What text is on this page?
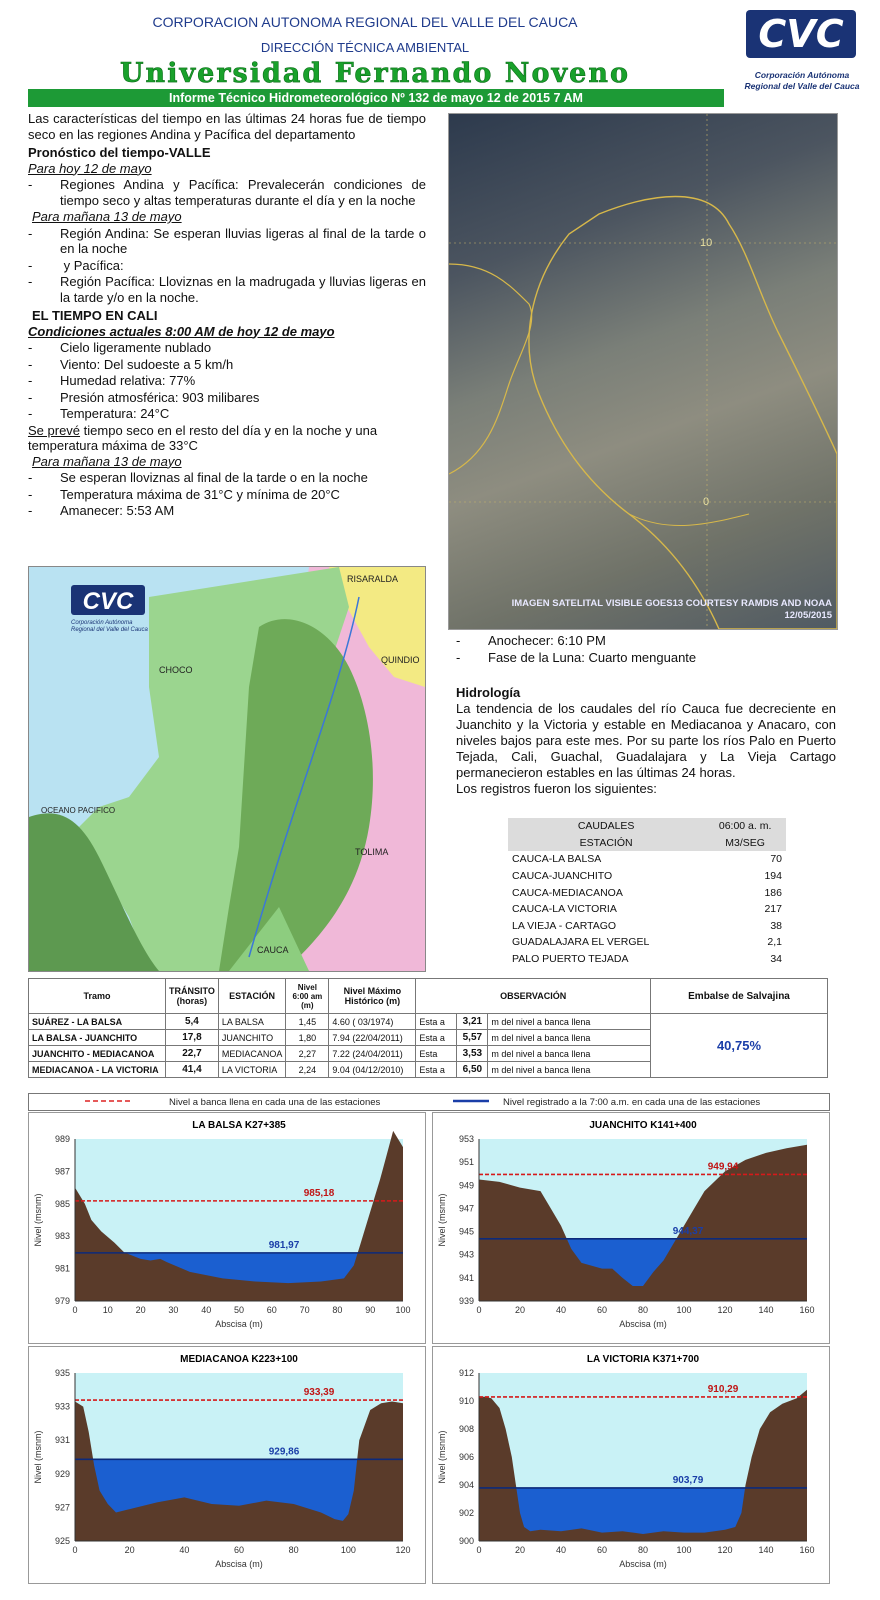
CORPORACION AUTONOMA REGIONAL DEL VALLE DEL CAUCA
DIRECCIÓN TÉCNICA AMBIENTAL
Universidad Fernando Noveno
Informe Técnico Hidrometeorológico Nº 132 de mayo 12 de 2015 7 AM
CVC
Corporación Autónoma
Regional del Valle del Cauca

Las características del tiempo en las últimas 24 horas fue de tiempo seco en las regiones Andina y Pacífica del departamento

Pronóstico del tiempo-VALLE

Para hoy 12 de mayo

-	Regiones Andina y Pacífica: Prevalecerán condiciones de tiempo seco y altas temperaturas durante el día y en la noche

Para mañana 13 de mayo

-	Región Andina: Se esperan lluvias ligeras al final de la tarde o en la noche
-	y Pacífica:
-	Región Pacífica: Lloviznas en la madrugada y lluvias ligeras en la tarde y/o en la noche.

EL TIEMPO EN CALI

Condiciones actuales 8:00 AM de hoy 12 de mayo

-	Cielo ligeramente nublado
-	Viento: Del sudoeste a 5 km/h
-	Humedad relativa: 77%
-	Presión atmosférica: 903 milibares
-	Temperatura: 24°C

Se prevé tiempo seco en el resto del día y en la noche y una temperatura máxima de 33°C

Para mañana 13 de mayo

-	Se esperan lloviznas al final de la tarde o en la noche
-	Temperatura máxima de 31°C y mínima de 20°C
-	Amanecer: 5:53 AM
10
0
IMAGEN SATELITAL VISIBLE GOES13 COURTESY RAMDIS AND NOAA
12/05/2015
RISARALDA
CHOCO
QUINDIO
OCEANO PACIFICO
TOLIMA
CAUCA
CVC
Corporación Autónoma
Regional del Valle del Cauca
-	Anochecer: 6:10 PM
-	Fase de la Luna: Cuarto menguante

Hidrología

La tendencia de los caudales del río Cauca fue decreciente en Juanchito y la Victoria y estable en Mediacanoa y Anacaro, con niveles bajos para este mes. Por su parte los ríos Palo en Puerto Tejada, Cali, Guachal, Guadalajara y La Vieja Cartago permanecieron estables en las últimas 24 horas.

Los registros fueron los siguientes:

CAUDALES	06:00 a. m.
ESTACIÓN	M3/SEG
CAUCA-LA BALSA	70
CAUCA-JUANCHITO	194
CAUCA-MEDIACANOA	186
CAUCA-LA VICTORIA	217
LA VIEJA - CARTAGO	38
GUADALAJARA EL VERGEL	2,1
PALO PUERTO TEJADA	34
Tramo	TRÁNSITO (horas)	ESTACIÓN	Nivel 6:00 am (m)	Nivel Máximo Histórico (m)	OBSERVACIÓN			Embalse de Salvajina
SUÁREZ - LA BALSA	5,4	LA BALSA	1,45	4.60 ( 03/1974)	Esta a	3,21	m del nivel a banca llena	40,75%
LA BALSA - JUANCHITO	17,8	JUANCHITO	1,80	7.94 (22/04/2011)	Esta a	5,57	m del nivel a banca llena	
JUANCHITO - MEDIACANOA	22,7	MEDIACANOA	2,27	7.22 (24/04/2011)	Esta	3,53	m del nivel a banca llena	
MEDIACANOA - LA VICTORIA	41,4	LA VICTORIA	2,24	9.04 (04/12/2010)	Esta a	6,50	m del nivel a banca llena	
Nivel a banca llena en cada una de las estaciones	Nivel registrado a la 7:00 a.m. en cada una de las estaciones
LA BALSA K27+385
985,18
981,97
0	10	20	30	40	50	60	70	80	90 100
979
981
983
985
987
989
Abscisa (m)
Nivel (msnm)
JUANCHITO K141+400
949,94
944,37
0	20	40	60	80	100	120	140	160
939
941
943
945
947
949
951
953
Abscisa (m)
Nivel (msnm)
MEDIACANOA K223+100
933,39
929,86
0	20	40	60	80	100	120
925
927
929
931
933
935
Abscisa (m)
Nivel (msnm)
LA VICTORIA K371+700
910,29
903,79
0	20	40	60	80	100	120	140	160
900
902
904
906
908
910
912
Abscisa (m)
Nivel (msnm)
